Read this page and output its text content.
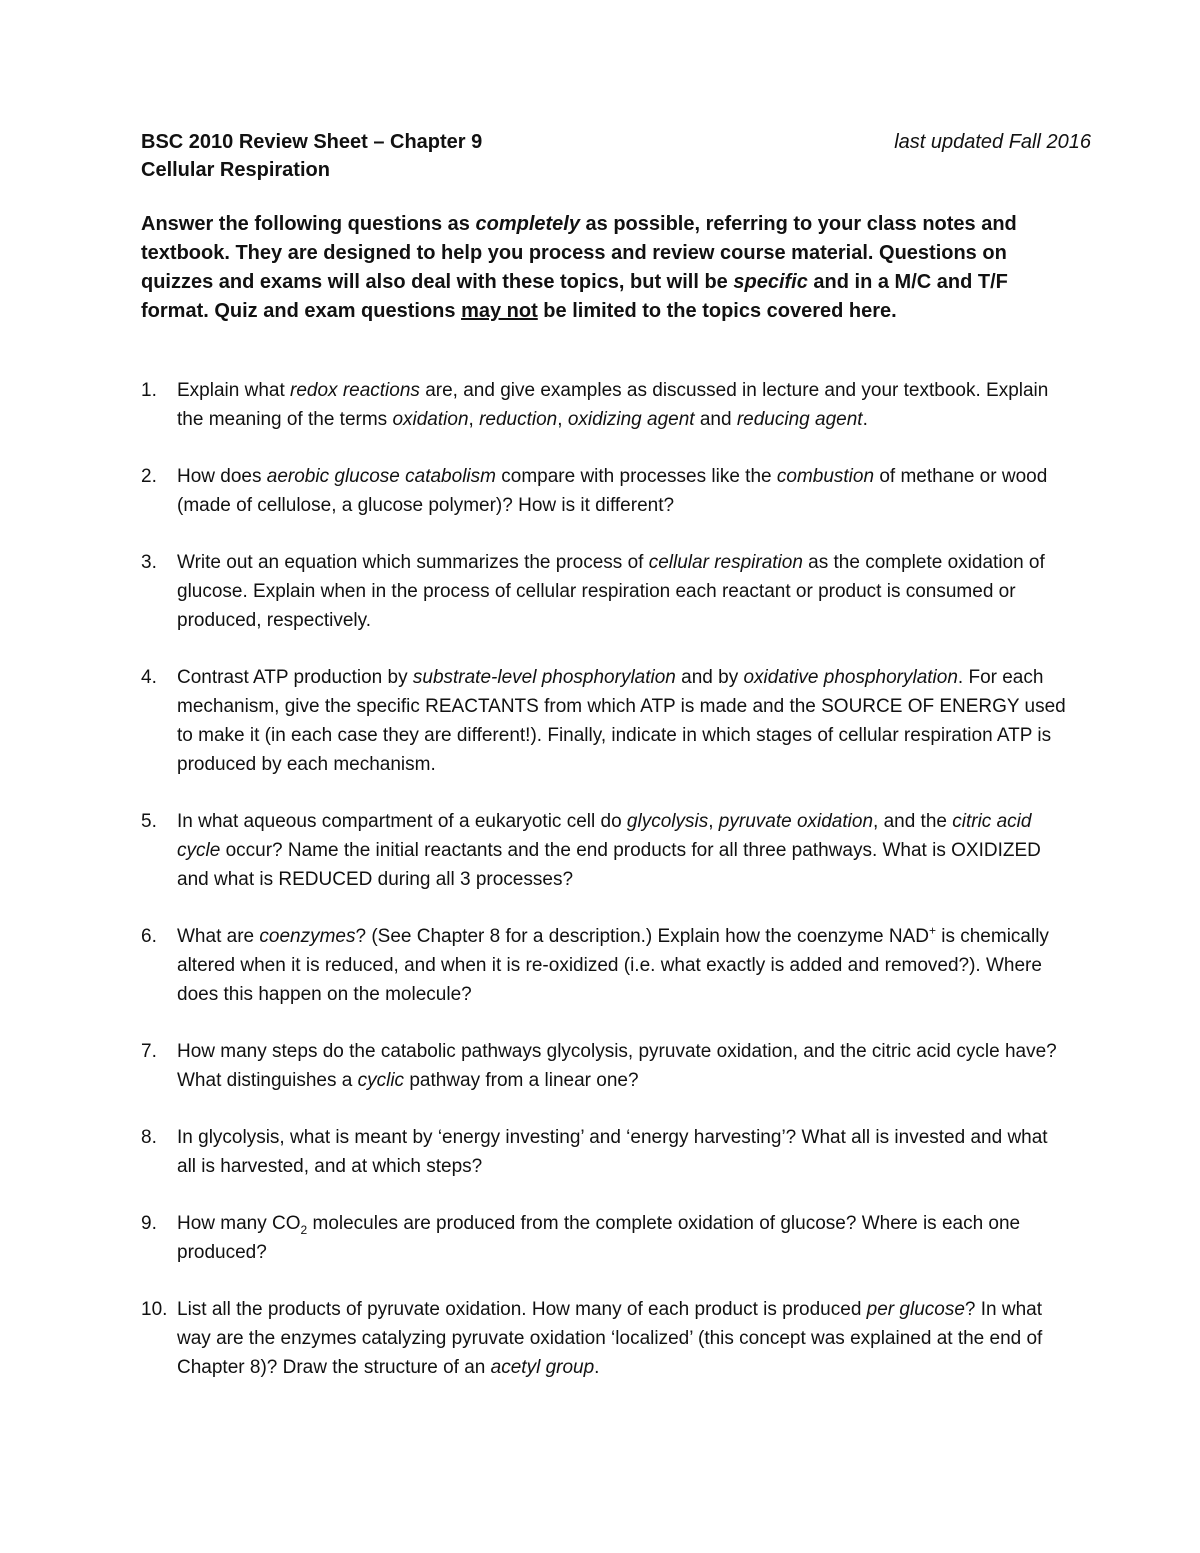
BSC 2010 Review Sheet – Chapter 9
Cellular Respiration
last updated Fall 2016
Answer the following questions as completely as possible, referring to your class notes and textbook. They are designed to help you process and review course material. Questions on quizzes and exams will also deal with these topics, but will be specific and in a M/C and T/F format. Quiz and exam questions may not be limited to the topics covered here.
1.	Explain what redox reactions are, and give examples as discussed in lecture and your textbook. Explain the meaning of the terms oxidation, reduction, oxidizing agent and reducing agent.
2.	How does aerobic glucose catabolism compare with processes like the combustion of methane or wood (made of cellulose, a glucose polymer)? How is it different?
3.	Write out an equation which summarizes the process of cellular respiration as the complete oxidation of glucose. Explain when in the process of cellular respiration each reactant or product is consumed or produced, respectively.
4.	Contrast ATP production by substrate-level phosphorylation and by oxidative phosphorylation. For each mechanism, give the specific REACTANTS from which ATP is made and the SOURCE OF ENERGY used to make it (in each case they are different!). Finally, indicate in which stages of cellular respiration ATP is produced by each mechanism.
5.	In what aqueous compartment of a eukaryotic cell do glycolysis, pyruvate oxidation, and the citric acid cycle occur? Name the initial reactants and the end products for all three pathways. What is OXIDIZED and what is REDUCED during all 3 processes?
6.	What are coenzymes? (See Chapter 8 for a description.) Explain how the coenzyme NAD+ is chemically altered when it is reduced, and when it is re-oxidized (i.e. what exactly is added and removed?). Where does this happen on the molecule?
7.	How many steps do the catabolic pathways glycolysis, pyruvate oxidation, and the citric acid cycle have? What distinguishes a cyclic pathway from a linear one?
8.	In glycolysis, what is meant by ‘energy investing’ and ‘energy harvesting’? What all is invested and what all is harvested, and at which steps?
9.	How many $CO_2$ molecules are produced from the complete oxidation of glucose? Where is each one produced?
10. List all the products of pyruvate oxidation. How many of each product is produced per glucose? In what way are the enzymes catalyzing pyruvate oxidation ‘localized’ (this concept was explained at the end of Chapter 8)? Draw the structure of an acetyl group.
